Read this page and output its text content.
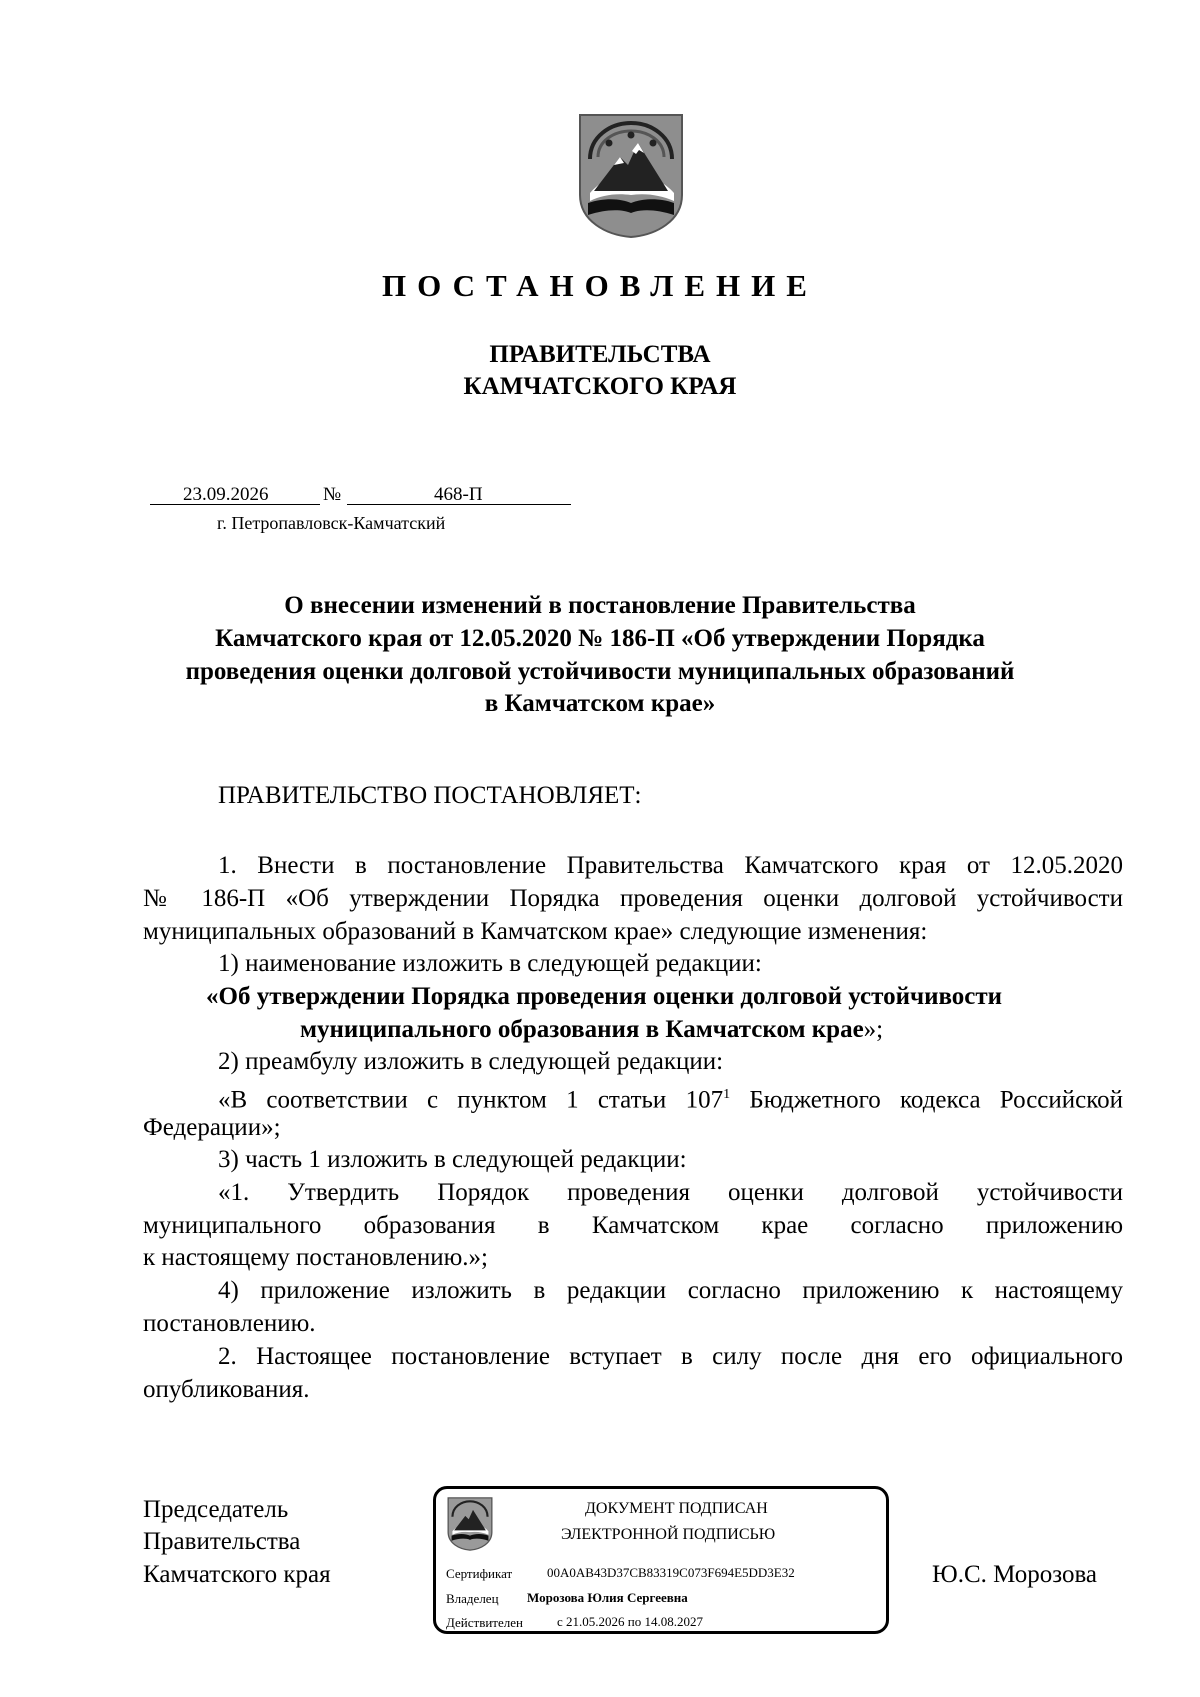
ПОСТАНОВЛЕНИЕ
ПРАВИТЕЛЬСТВА
КАМЧАТСКОГО КРАЯ
23.09.2026	№	468-П
г. Петропавловск-Камчатский
О внесении изменений в постановление Правительства
Камчатского края от 12.05.2020 № 186-П «Об утверждении Порядка
проведения оценки долговой устойчивости муниципальных образований
в Камчатском крае»
ПРАВИТЕЛЬСТВО ПОСТАНОВЛЯЕТ:
1. Внести в постановление Правительства Камчатского края от 12.05.2020
№ 186-П «Об утверждении Порядка проведения оценки долговой устойчивости
муниципальных образований в Камчатском крае» следующие изменения:
1) наименование изложить в следующей редакции:
«Об утверждении Порядка проведения оценки долговой устойчивости
муниципального образования в Камчатском крае»;
2) преамбулу изложить в следующей редакции:
«В соответствии с пунктом 1 статьи $107^1$ Бюджетного кодекса Российской
Федерации»;
3) часть 1 изложить в следующей редакции:
«1. Утвердить Порядок проведения оценки долговой устойчивости
муниципального образования в Камчатском крае согласно приложению
к настоящему постановлению.»;
4) приложение изложить в редакции согласно приложению к настоящему
постановлению.
2. Настоящее постановление вступает в силу после дня его официального
опубликования.
Председатель
Правительства
Камчатского края	Ю.С. Морозова
ДОКУМЕНТ ПОДПИСАН
ЭЛЕКТРОННОЙ ПОДПИСЬЮ
Сертификат	00A0AB43D37CB83319C073F694E5DD3E32
Владелец Морозова Юлия Сергеевна
Действителен	с 21.05.2026 по 14.08.2027
